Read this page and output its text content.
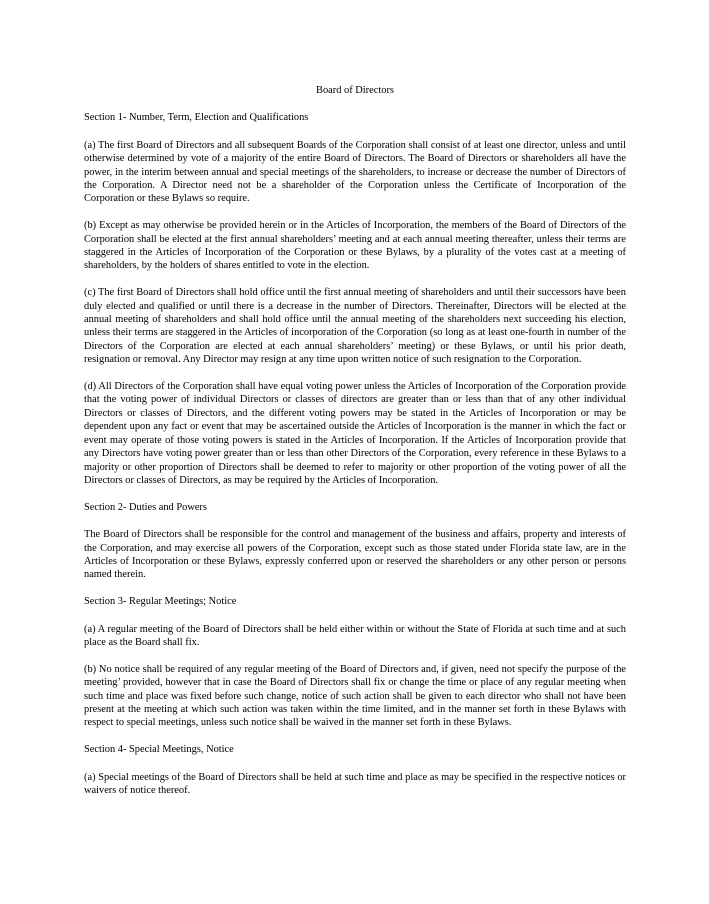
Board of Directors
Section 1- Number, Term, Election and Qualifications
(a) The first Board of Directors and all subsequent Boards of the Corporation shall consist of at least one director, unless and until otherwise determined by vote of a majority of the entire Board of Directors. The Board of Directors or shareholders all have the power, in the interim between annual and special meetings of the shareholders, to increase or decrease the number of Directors of the Corporation. A Director need not be a shareholder of the Corporation unless the Certificate of Incorporation of the Corporation or these Bylaws so require.
(b) Except as may otherwise be provided herein or in the Articles of Incorporation, the members of the Board of Directors of the Corporation shall be elected at the first annual shareholders’ meeting and at each annual meeting thereafter, unless their terms are staggered in the Articles of Incorporation of the Corporation or these Bylaws, by a plurality of the votes cast at a meeting of shareholders, by the holders of shares entitled to vote in the election.
(c) The first Board of Directors shall hold office until the first annual meeting of shareholders and until their successors have been duly elected and qualified or until there is a decrease in the number of Directors. Thereinafter, Directors will be elected at the annual meeting of shareholders and shall hold office until the annual meeting of the shareholders next succeeding his election, unless their terms are staggered in the Articles of incorporation of the Corporation (so long as at least one-fourth in number of the Directors of the Corporation are elected at each annual shareholders’ meeting) or these Bylaws, or until his prior death, resignation or removal. Any Director may resign at any time upon written notice of such resignation to the Corporation.
(d) All Directors of the Corporation shall have equal voting power unless the Articles of Incorporation of the Corporation provide that the voting power of individual Directors or classes of directors are greater than or less than that of any other individual Directors or classes of Directors, and the different voting powers may be stated in the Articles of Incorporation or may be dependent upon any fact or event that may be ascertained outside the Articles of Incorporation is the manner in which the fact or event may operate of those voting powers is stated in the Articles of Incorporation. If the Articles of Incorporation provide that any Directors have voting power greater than or less than other Directors of the Corporation, every reference in these Bylaws to a majority or other proportion of Directors shall be deemed to refer to majority or other proportion of the voting power of all the Directors or classes of Directors, as may be required by the Articles of Incorporation.
Section 2- Duties and Powers
The Board of Directors shall be responsible for the control and management of the business and affairs, property and interests of the Corporation, and may exercise all powers of the Corporation, except such as those stated under Florida state law, are in the Articles of Incorporation or these Bylaws, expressly conferred upon or reserved the shareholders or any other person or persons named therein.
Section 3- Regular Meetings; Notice
(a) A regular meeting of the Board of Directors shall be held either within or without the State of Florida at such time and at such place as the Board shall fix.
(b) No notice shall be required of any regular meeting of the Board of Directors and, if given, need not specify the purpose of the meeting’ provided, however that in case the Board of Directors shall fix or change the time or place of any regular meeting when such time and place was fixed before such change, notice of such action shall be given to each director who shall not have been present at the meeting at which such action was taken within the time limited, and in the manner set forth in these Bylaws with respect to special meetings, unless such notice shall be waived in the manner set forth in these Bylaws.
Section 4- Special Meetings, Notice
(a) Special meetings of the Board of Directors shall be held at such time and place as may be specified in the respective notices or waivers of notice thereof.
